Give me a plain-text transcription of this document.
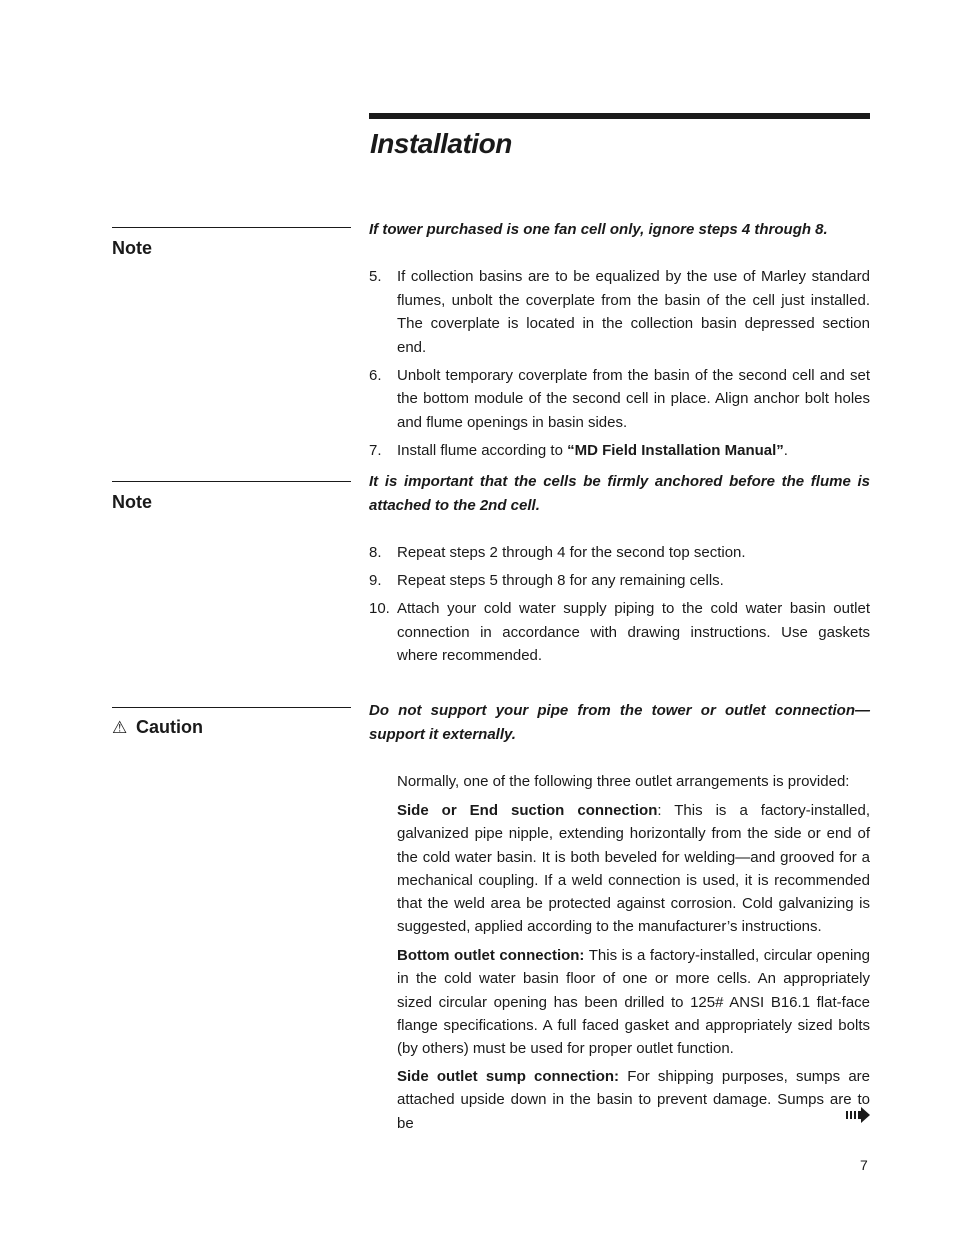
Installation
Note
If tower purchased is one fan cell only, ignore steps 4 through 8.
5. If collection basins are to be equalized by the use of Marley standard flumes, unbolt the coverplate from the basin of the cell just installed. The coverplate is located in the collection basin depressed section end.
6. Unbolt temporary coverplate from the basin of the second cell and set the bottom module of the second cell in place. Align anchor bolt holes and flume openings in basin sides.
7. Install flume according to “MD Field Installation Manual”.
Note
It is important that the cells be firmly anchored before the flume is attached to the 2nd cell.
8. Repeat steps 2 through 4 for the second top section.
9. Repeat steps 5 through 8 for any remaining cells.
10. Attach your cold water supply piping to the cold water basin outlet connection in accordance with drawing instructions. Use gaskets where recommended.
⚠ Caution
Do not support your pipe from the tower or outlet connection—support it externally.

Normally, one of the following three outlet arrangements is provided:

Side or End suction connection: This is a factory-installed, galvanized pipe nipple, extending horizontally from the side or end of the cold water basin. It is both beveled for welding—and grooved for a mechanical coupling. If a weld connection is used, it is recommended that the weld area be protected against corrosion. Cold galvanizing is suggested, applied according to the manufacturer’s instructions.

Bottom outlet connection: This is a factory-installed, circular opening in the cold water basin floor of one or more cells. An appropriately sized circular opening has been drilled to 125# ANSI B16.1 flat-face flange specifications. A full faced gasket and appropriately sized bolts (by others) must be used for proper outlet function.

Side outlet sump connection: For shipping purposes, sumps are attached upside down in the basin to prevent damage. Sumps are to be

7
